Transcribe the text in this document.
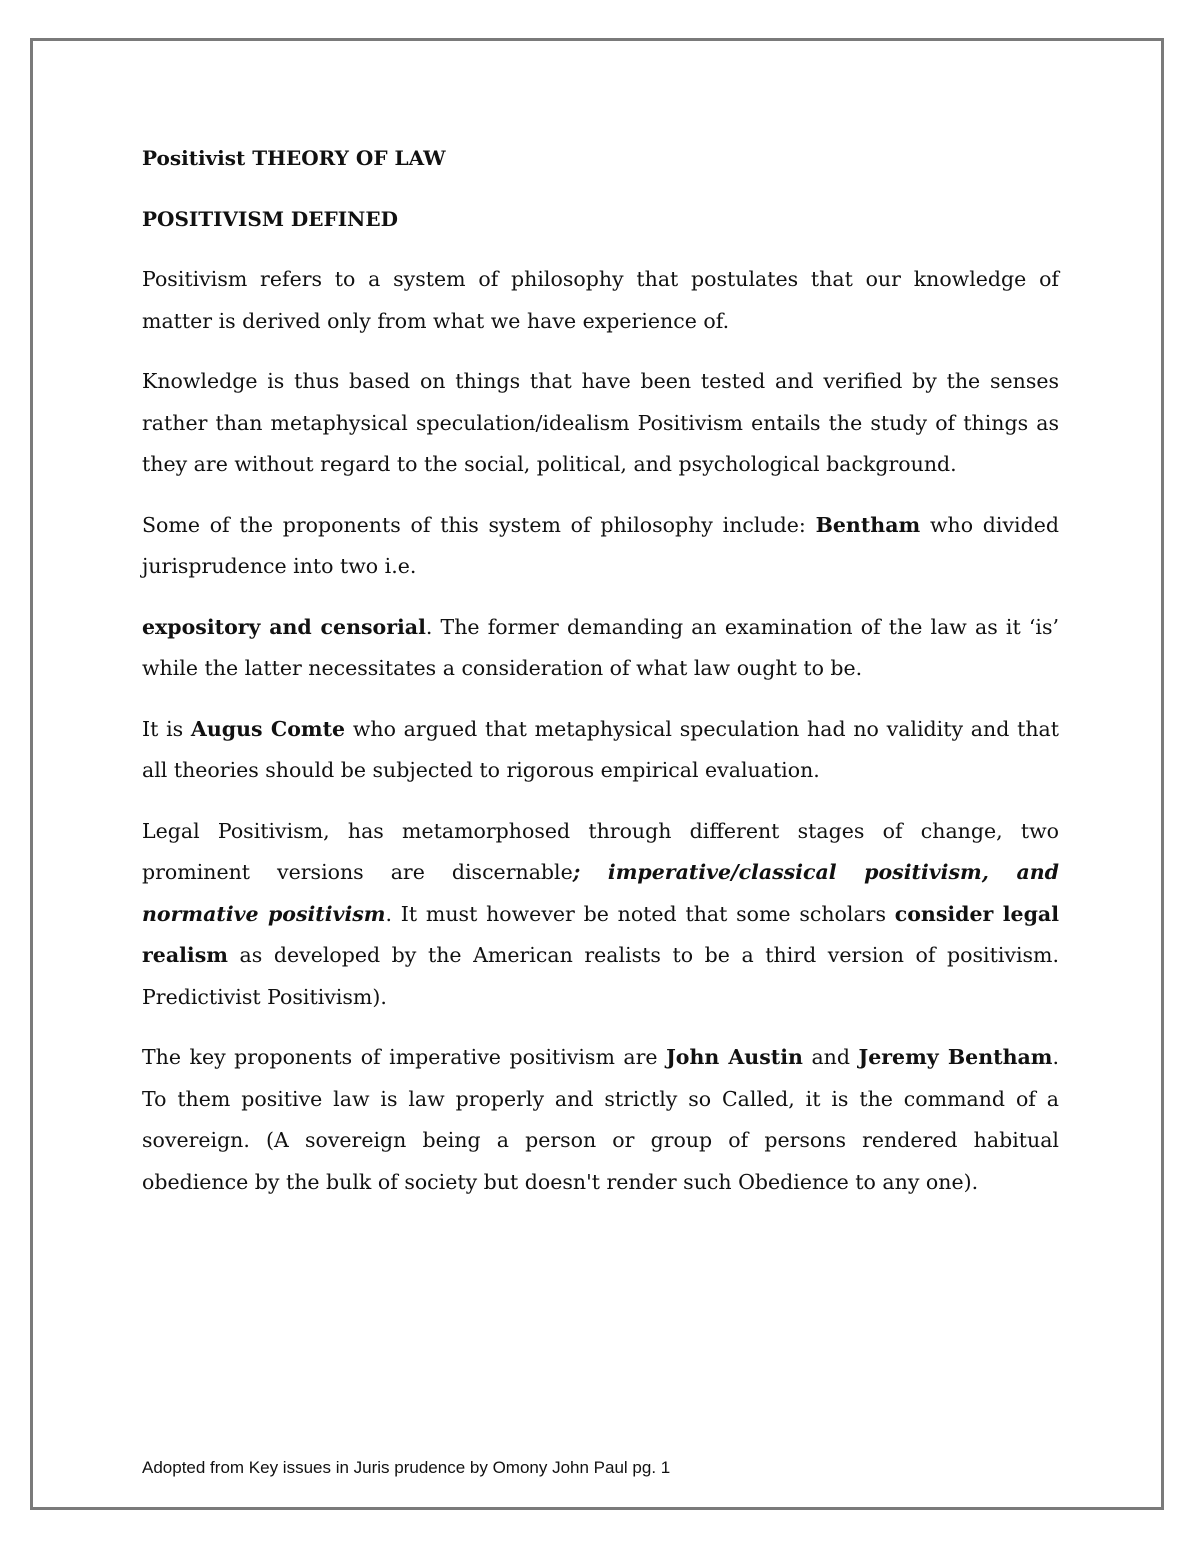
Positivist THEORY OF LAW

POSITIVISM DEFINED

Positivism refers to a system of philosophy that postulates that our knowledge of matter is derived only from what we have experience of.

Knowledge is thus based on things that have been tested and verified by the senses rather than metaphysical speculation/idealism Positivism entails the study of things as they are without regard to the social, political, and psychological background.

Some of the proponents of this system of philosophy include: Bentham who divided jurisprudence into two i.e.

expository and censorial. The former demanding an examination of the law as it ‘is’ while the latter necessitates a consideration of what law ought to be.

It is Augus Comte who argued that metaphysical speculation had no validity and that all theories should be subjected to rigorous empirical evaluation.

Legal Positivism, has metamorphosed through different stages of change, two prominent versions are discernable; imperative/classical positivism, and normative positivism. It must however be noted that some scholars consider legal realism as developed by the American realists to be a third version of positivism. Predictivist Positivism).

The key proponents of imperative positivism are John Austin and Jeremy Bentham. To them positive law is law properly and strictly so Called, it is the command of a sovereign. (A sovereign being a person or group of persons rendered habitual obedience by the bulk of society but doesn't render such Obedience to any one).

Adopted from Key issues in Juris prudence by Omony John Paul pg. 1
